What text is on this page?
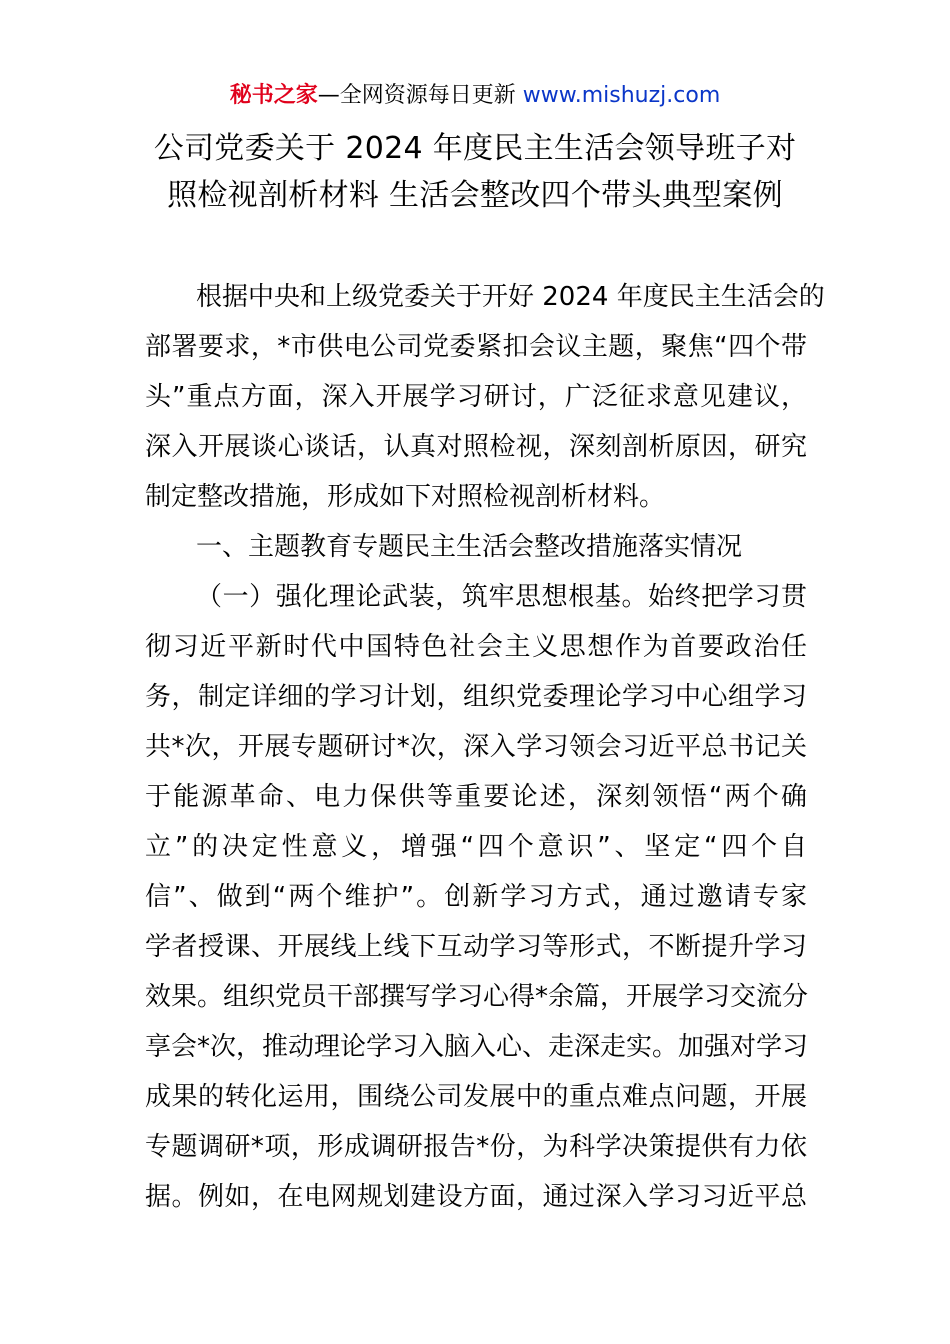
秘书之家—全网资源每日更新 www.mishuzj.com
公司党委关于 2024 年度民主生活会领导班子对
照检视剖析材料 生活会整改四个带头典型案例
根据中央和上级党委关于开好 2024 年度民主生活会的
部署要求，*市供电公司党委紧扣会议主题，聚焦“四个带
头”重点方面，深入开展学习研讨，广泛征求意见建议，
深入开展谈心谈话，认真对照检视，深刻剖析原因，研究
制定整改措施，形成如下对照检视剖析材料。
一、主题教育专题民主生活会整改措施落实情况
（一）强化理论武装，筑牢思想根基。始终把学习贯
彻习近平新时代中国特色社会主义思想作为首要政治任
务，制定详细的学习计划，组织党委理论学习中心组学习
共*次，开展专题研讨*次，深入学习领会习近平总书记关
于能源革命、电力保供等重要论述，深刻领悟“两个确
立”的决定性意义，增强“四个意识”、坚定“四个自
信”、做到“两个维护”。创新学习方式，通过邀请专家
学者授课、开展线上线下互动学习等形式，不断提升学习
效果。组织党员干部撰写学习心得*余篇，开展学习交流分
享会*次，推动理论学习入脑入心、走深走实。加强对学习
成果的转化运用，围绕公司发展中的重点难点问题，开展
专题调研*项，形成调研报告*份，为科学决策提供有力依
据。例如，在电网规划建设方面，通过深入学习习近平总
